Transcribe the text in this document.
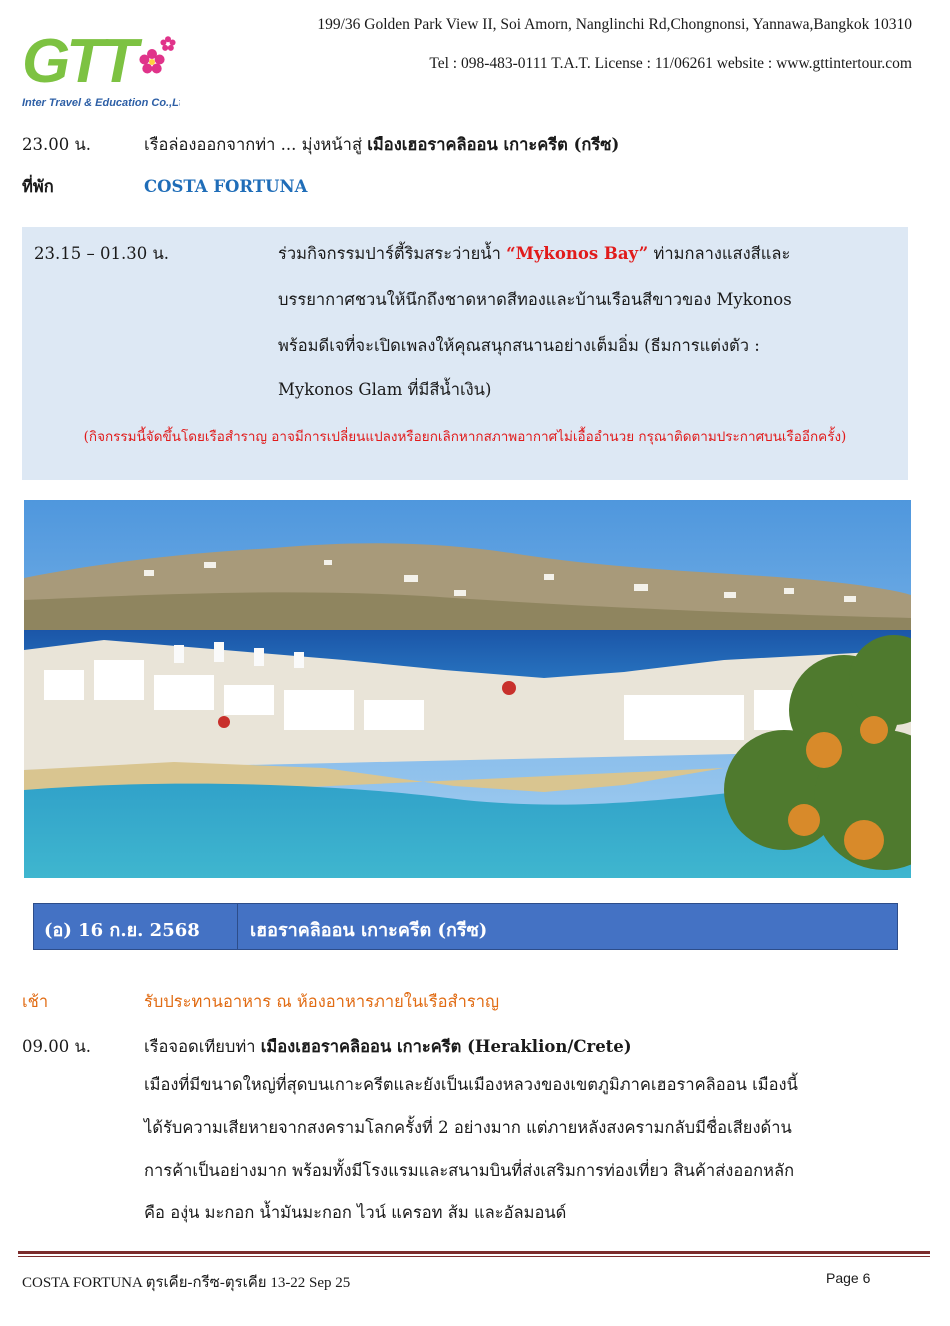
GTT
Inter Travel & Education Co.,Ltd.
199/36 Golden Park View II, Soi Amorn, Nanglinchi Rd,Chongnonsi, Yannawa,Bangkok 10310
Tel : 098-483-0111 T.A.T. License : 11/06261 website : www.gttintertour.com
23.00 น.	เรือล่องออกจากท่า ... มุ่งหน้าสู่ เมืองเฮอราคลิออน เกาะครีต (กรีซ)
ที่พัก	COSTA FORTUNA
23.15 – 01.30 น.	ร่วมกิจกรรมปาร์ตี้ริมสระว่ายน้ำ “Mykonos Bay” ท่ามกลางแสงสีและ
บรรยากาศชวนให้นึกถึงชาดหาดสีทองและบ้านเรือนสีขาวของ Mykonos
พร้อมดีเจที่จะเปิดเพลงให้คุณสนุกสนานอย่างเต็มอิ่ม (ธีมการแต่งตัว :
Mykonos Glam ที่มีสีน้ำเงิน)
(กิจกรรมนี้จัดขึ้นโดยเรือสำราญ อาจมีการเปลี่ยนแปลงหรือยกเลิกหากสภาพอากาศไม่เอื้ออำนวย กรุณาติดตามประกาศบนเรืออีกครั้ง)
(อ) 16 ก.ย. 2568	เฮอราคลิออน เกาะครีต (กรีซ)
เช้า	รับประทานอาหาร ณ ห้องอาหารภายในเรือสำราญ
09.00 น.	เรือจอดเทียบท่า เมืองเฮอราคลิออน เกาะครีต (Heraklion/Crete)
เมืองที่มีขนาดใหญ่ที่สุดบนเกาะครีตและยังเป็นเมืองหลวงของเขตภูมิภาคเฮอราคลิออน เมืองนี้
ได้รับความเสียหายจากสงครามโลกครั้งที่ 2 อย่างมาก แต่ภายหลังสงครามกลับมีชื่อเสียงด้าน
การค้าเป็นอย่างมาก พร้อมทั้งมีโรงแรมและสนามบินที่ส่งเสริมการท่องเที่ยว สินค้าส่งออกหลัก
คือ องุ่น มะกอก น้ำมันมะกอก ไวน์ แครอท ส้ม และอัลมอนด์
COSTA FORTUNA ตุรเคีย-กรีซ-ตุรเคีย 13-22 Sep 25	Page 6
